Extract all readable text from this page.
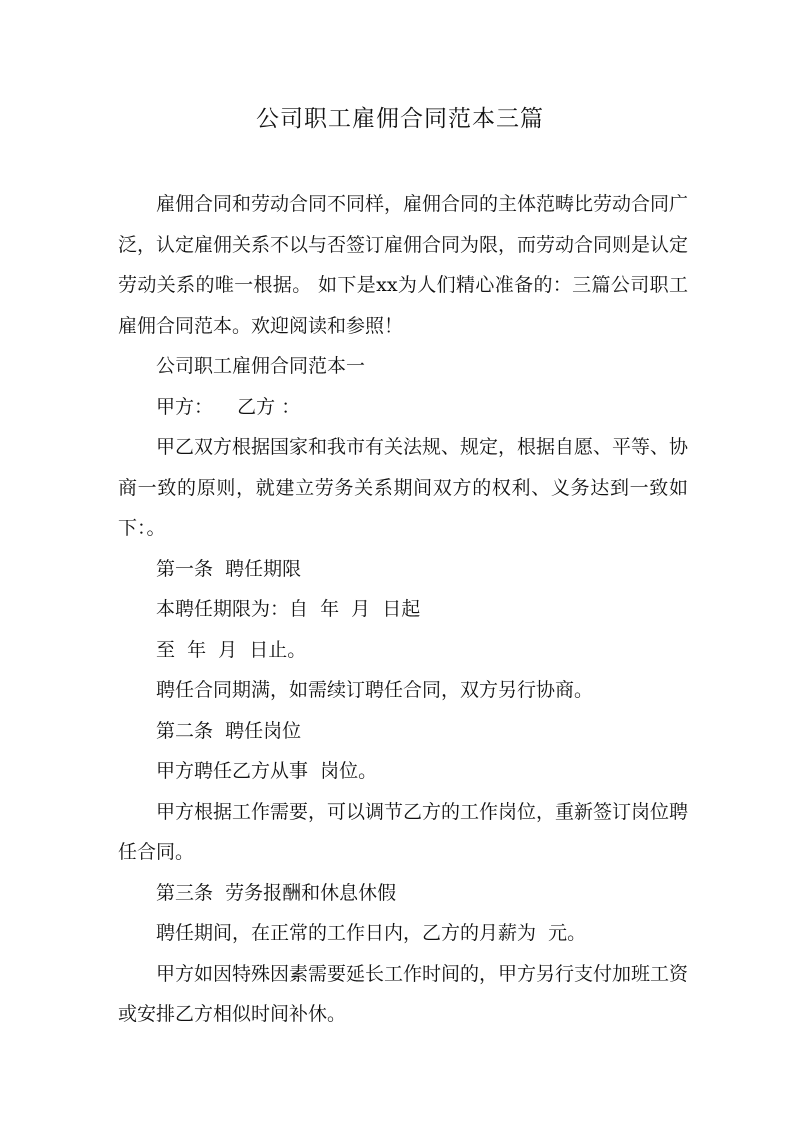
公司职工雇佣合同范本三篇

雇佣合同和劳动合同不同样，雇佣合同的主体范畴比劳动合同广泛，认定雇佣关系不以与否签订雇佣合同为限，而劳动合同则是认定劳动关系的唯一根据。 如下是xx为人们精心准备的：三篇公司职工雇佣合同范本。欢迎阅读和参照！

公司职工雇佣合同范本一

甲方：    乙方 ：

甲乙双方根据国家和我市有关法规、规定，根据自愿、平等、协商一致的原则，就建立劳务关系期间双方的权利、义务达到一致如下：。

第一条  聘任期限

本聘任期限为：自  年  月  日起

至  年  月  日止。

聘任合同期满，如需续订聘任合同，双方另行协商。

第二条  聘任岗位

甲方聘任乙方从事  岗位。

甲方根据工作需要，可以调节乙方的工作岗位，重新签订岗位聘任合同。

第三条  劳务报酬和休息休假

聘任期间，在正常的工作日内，乙方的月薪为  元。

甲方如因特殊因素需要延长工作时间的，甲方另行支付加班工资或安排乙方相似时间补休。
